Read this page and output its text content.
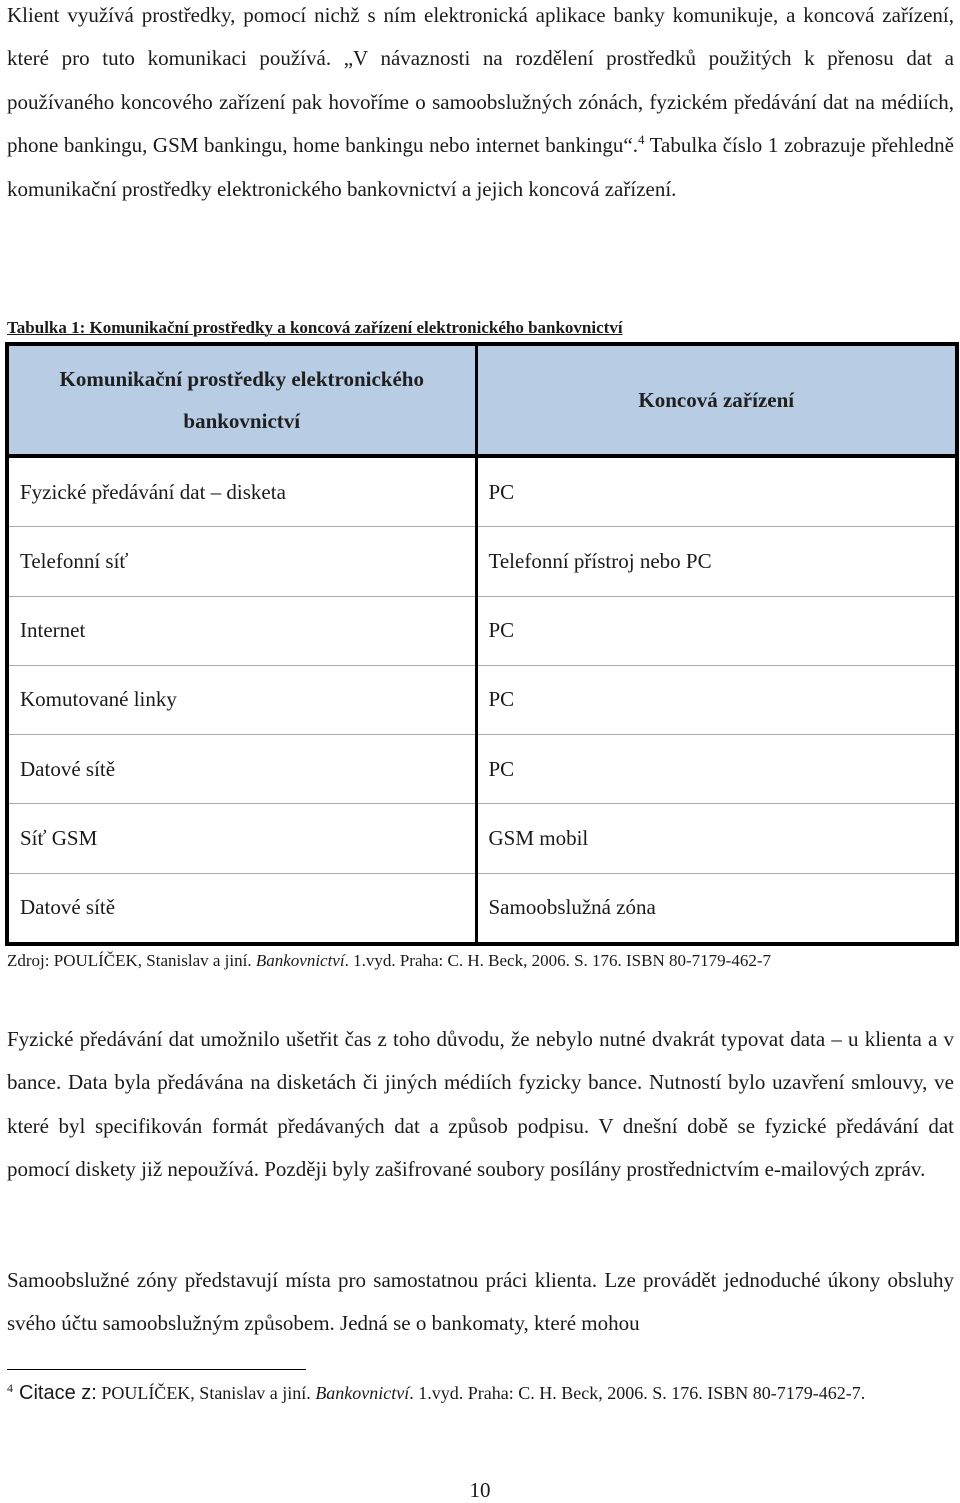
Klient využívá prostředky, pomocí nichž s ním elektronická aplikace banky komunikuje, a koncová zařízení, které pro tuto komunikaci používá. „V návaznosti na rozdělení prostředků použitých k přenosu dat a používaného koncového zařízení pak hovoříme o samoobslužných zónách, fyzickém předávání dat na médiích, phone bankingu, GSM bankingu, home bankingu nebo internet bankingu“.$^4$ Tabulka číslo 1 zobrazuje přehledně komunikační prostředky elektronického bankovnictví a jejich koncová zařízení.

Tabulka 1: Komunikační prostředky a koncová zařízení elektronického bankovnictví
Komunikační prostředky elektronického bankovnictví	Koncová zařízení
Fyzické předávání dat – disketa	PC
Telefonní síť	Telefonní přístroj nebo PC
Internet	PC
Komutované linky	PC
Datové sítě	PC
Síť GSM	GSM mobil
Datové sítě	Samoobslužná zóna
Zdroj: POULÍČEK, Stanislav a jiní. Bankovnictví. 1.vyd. Praha: C. H. Beck, 2006. S. 176. ISBN 80-7179-462-7

Fyzické předávání dat umožnilo ušetřit čas z toho důvodu, že nebylo nutné dvakrát typovat data – u klienta a v bance. Data byla předávána na disketách či jiných médiích fyzicky bance. Nutností bylo uzavření smlouvy, ve které byl specifikován formát předávaných dat a způsob podpisu. V dnešní době se fyzické předávání dat pomocí diskety již nepoužívá. Později byly zašifrované soubory posílány prostřednictvím e-mailových zpráv.

Samoobslužné zóny představují místa pro samostatnou práci klienta. Lze provádět jednoduché úkony obsluhy svého účtu samoobslužným způsobem. Jedná se o bankomaty, které mohou

$^4$ Citace z: POULÍČEK, Stanislav a jiní. Bankovnictví. 1.vyd. Praha: C. H. Beck, 2006. S. 176. ISBN 80-7179-462-7.
10
